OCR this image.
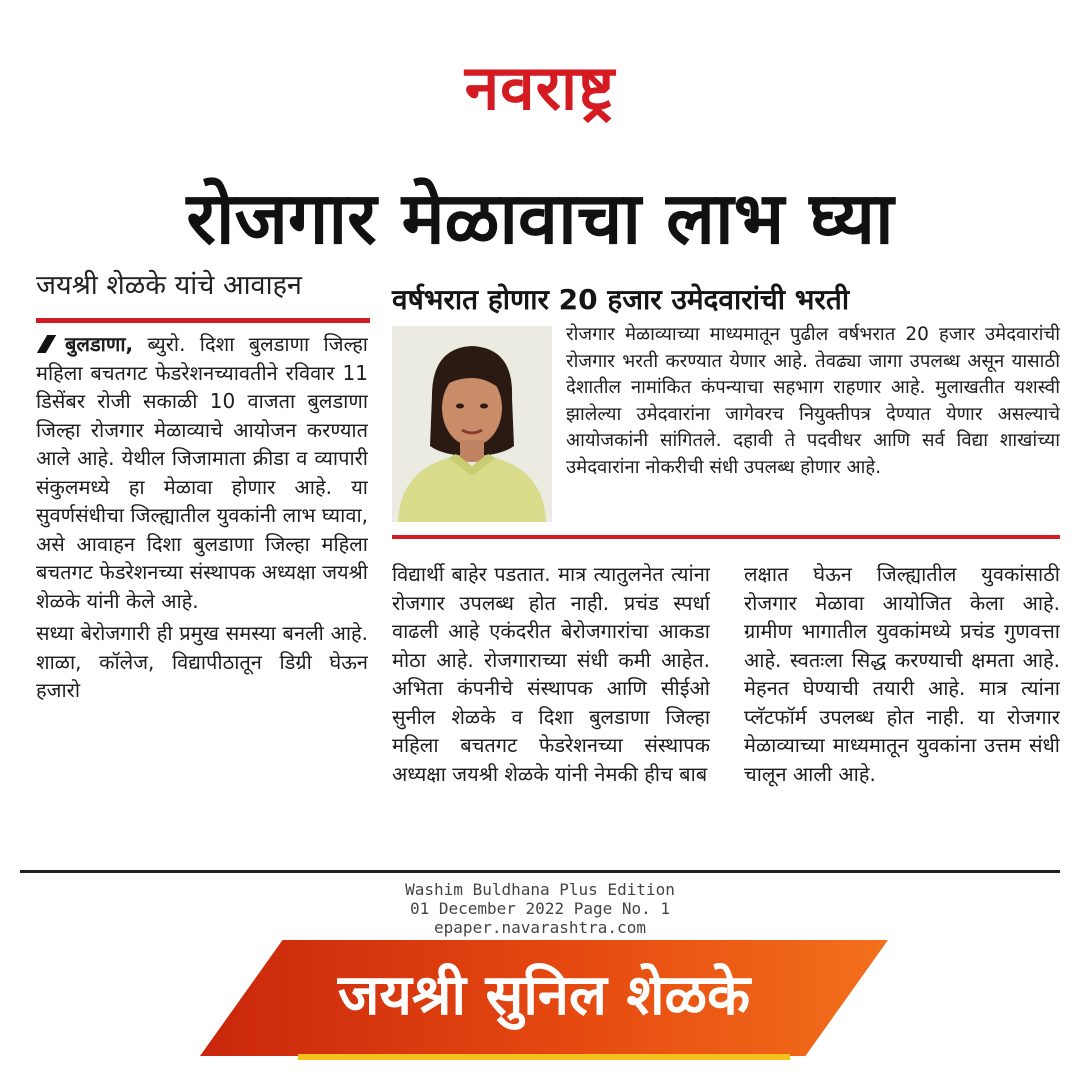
नवराष्ट्र
रोजगार मेळावाचा लाभ घ्या
जयश्री शेळके यांचे आवाहन	वर्षभरात होणार 20 हजार उमेदवारांची भरती
रोजगार मेळाव्याच्या माध्यमातून पुढील वर्षभरात 20 हजार उमेदवारांची रोजगार भरती करण्यात येणार आहे. तेवढ्या जागा उपलब्ध असून यासाठी देशातील नामांकित कंपन्याचा सहभाग राहणार आहे. मुलाखतीत यशस्वी झालेल्या उमेदवारांना जागेवरच नियुक्तीपत्र देण्यात येणार असल्याचे आयोजकांनी सांगितले. दहावी ते पदवीधर आणि सर्व विद्या शाखांच्या उमेदवारांना नोकरीची संधी उपलब्ध होणार आहे.

बुलडाणा, ब्युरो. दिशा बुलडाणा जिल्हा महिला बचतगट फेडरेशनच्यावतीने रविवार 11 डिसेंबर रोजी सकाळी 10 वाजता बुलडाणा जिल्हा रोजगार मेळाव्याचे आयोजन करण्यात आले आहे. येथील जिजामाता क्रीडा व व्यापारी संकुलमध्ये हा मेळावा होणार आहे. या सुवर्णसंधीचा जिल्ह्यातील युवकांनी लाभ घ्यावा, असे आवाहन दिशा बुलडाणा जिल्हा महिला बचतगट फेडरेशनच्या संस्थापक अध्यक्षा जयश्री शेळके यांनी केले आहे.

सध्या बेरोजगारी ही प्रमुख समस्या बनली आहे. शाळा, कॉलेज, विद्यापीठातून डिग्री घेऊन हजारो

विद्यार्थी बाहेर पडतात. मात्र त्यातुलनेत त्यांना रोजगार उपलब्ध होत नाही. प्रचंड स्पर्धा वाढली आहे एकंदरीत बेरोजगारांचा आकडा मोठा आहे. रोजगाराच्या संधी कमी आहेत. अभिता कंपनीचे संस्थापक आणि सीईओ सुनील शेळके व दिशा बुलडाणा जिल्हा महिला बचतगट फेडरेशनच्या संस्थापक अध्यक्षा जयश्री शेळके यांनी नेमकी हीच बाब
लक्षात घेऊन जिल्ह्यातील युवकांसाठी रोजगार मेळावा आयोजित केला आहे. ग्रामीण भागातील युवकांमध्ये प्रचंड गुणवत्ता आहे. स्वतःला सिद्ध करण्याची क्षमता आहे. मेहनत घेण्याची तयारी आहे. मात्र त्यांना प्लॅटफॉर्म उपलब्ध होत नाही. या रोजगार मेळाव्याच्या माध्यमातून युवकांना उत्तम संधी चालून आली आहे.
Washim Buldhana Plus Edition
01 December 2022 Page No. 1
epaper.navarashtra.com
जयश्री सुनिल शेळके
